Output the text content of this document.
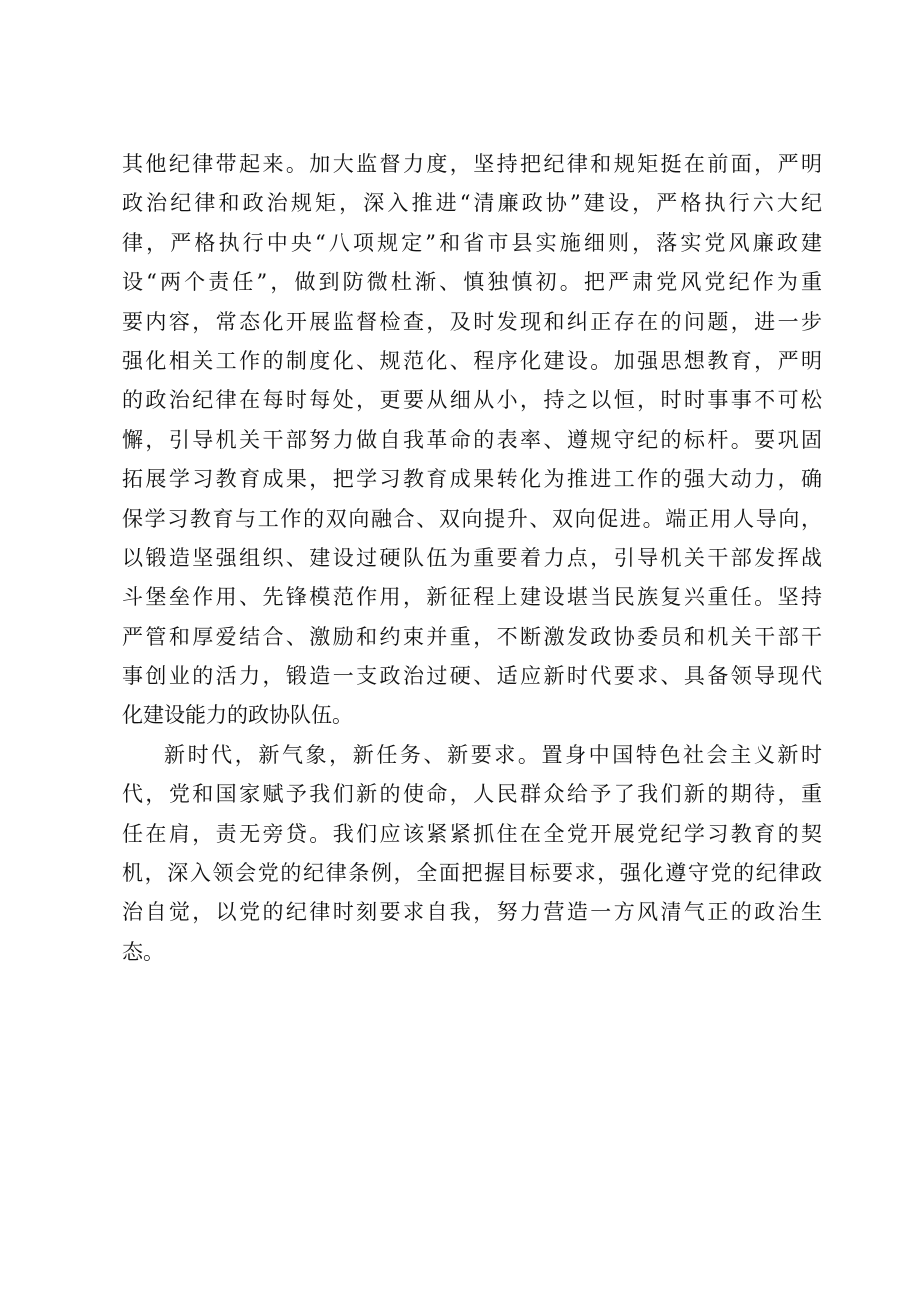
其他纪律带起来。加大监督力度，坚持把纪律和规矩挺在前面，严明
政治纪律和政治规矩，深入推进“清廉政协”建设，严格执行六大纪
律，严格执行中央“八项规定”和省市县实施细则，落实党风廉政建
设“两个责任”，做到防微杜渐、慎独慎初。把严肃党风党纪作为重
要内容，常态化开展监督检查，及时发现和纠正存在的问题，进一步
强化相关工作的制度化、规范化、程序化建设。加强思想教育，严明
的政治纪律在每时每处，更要从细从小，持之以恒，时时事事不可松
懈，引导机关干部努力做自我革命的表率、遵规守纪的标杆。要巩固
拓展学习教育成果，把学习教育成果转化为推进工作的强大动力，确
保学习教育与工作的双向融合、双向提升、双向促进。端正用人导向，
以锻造坚强组织、建设过硬队伍为重要着力点，引导机关干部发挥战
斗堡垒作用、先锋模范作用，新征程上建设堪当民族复兴重任。坚持
严管和厚爱结合、激励和约束并重，不断激发政协委员和机关干部干
事创业的活力，锻造一支政治过硬、适应新时代要求、具备领导现代
化建设能力的政协队伍。
新时代，新气象，新任务、新要求。置身中国特色社会主义新时
代，党和国家赋予我们新的使命，人民群众给予了我们新的期待，重
任在肩，责无旁贷。我们应该紧紧抓住在全党开展党纪学习教育的契
机，深入领会党的纪律条例，全面把握目标要求，强化遵守党的纪律政
治自觉，以党的纪律时刻要求自我，努力营造一方风清气正的政治生
态。
